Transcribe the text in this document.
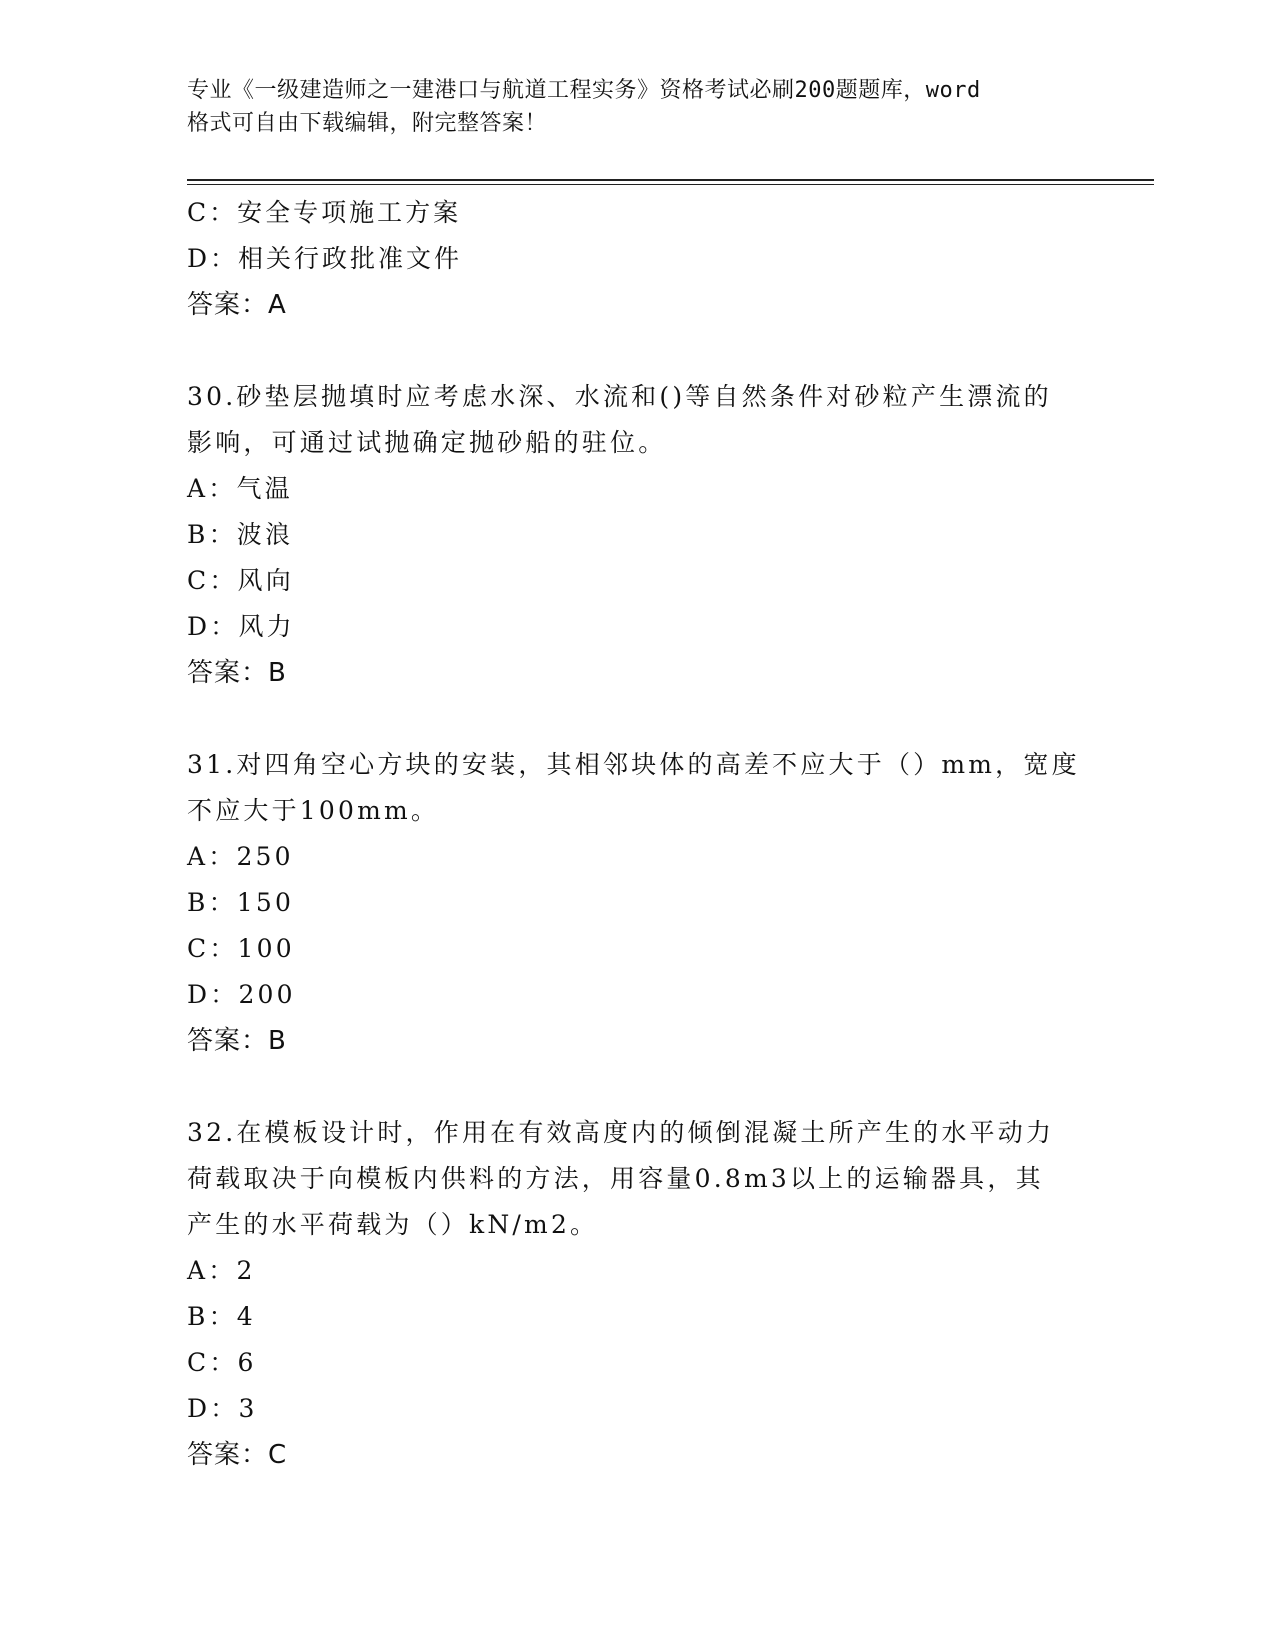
专业《一级建造师之一建港口与航道工程实务》资格考试必刷200题题库，word
格式可自由下载编辑，附完整答案！
C：安全专项施工方案
D：相关行政批准文件
答案：A
30.砂垫层抛填时应考虑水深、水流和()等自然条件对砂粒产生漂流的
影响，可通过试抛确定抛砂船的驻位。
A：气温
B：波浪
C：风向
D：风力
答案：B
31.对四角空心方块的安装，其相邻块体的高差不应大于（）mm，宽度
不应大于100mm。
A：250
B：150
C：100
D：200
答案：B
32.在模板设计时，作用在有效高度内的倾倒混凝土所产生的水平动力
荷载取决于向模板内供料的方法，用容量0.8m3以上的运输器具，其
产生的水平荷载为（）kN/m2。
A：2
B：4
C：6
D：3
答案：C
